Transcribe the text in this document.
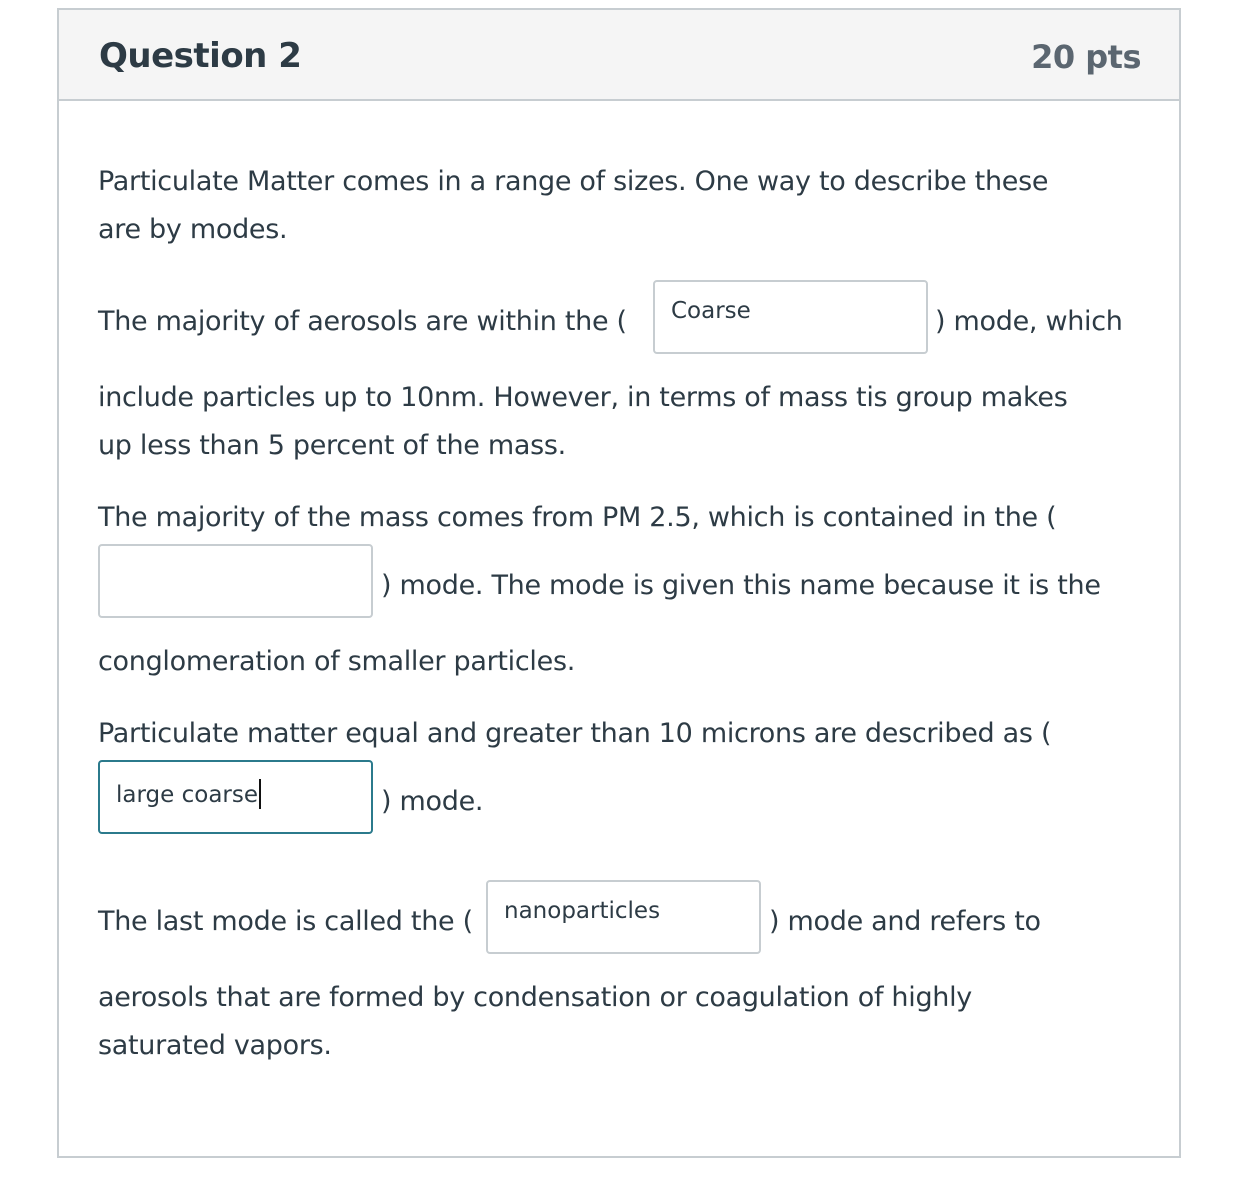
Question 2	20 pts
Particulate Matter comes in a range of sizes. One way to describe these
are by modes.
The majority of aerosols are within the (	Coarse	) mode, which
include particles up to 10nm. However, in terms of mass tis group makes
up less than 5 percent of the mass.
The majority of the mass comes from PM 2.5, which is contained in the (
) mode. The mode is given this name because it is the
conglomeration of smaller particles.
Particulate matter equal and greater than 10 microns are described as (
large coarse	) mode.
The last mode is called the (	nanoparticles	) mode and refers to
aerosols that are formed by condensation or coagulation of highly
saturated vapors.
